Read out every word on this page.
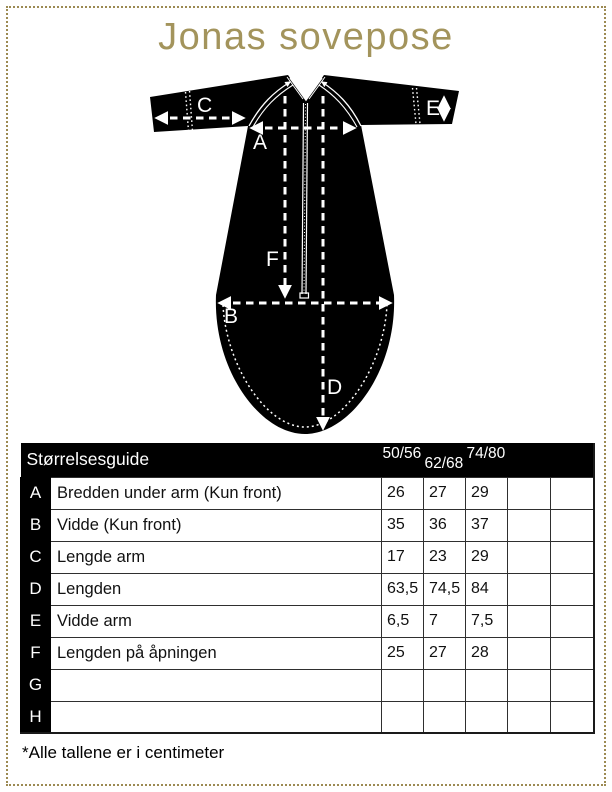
Jonas sovepose
C
A
E
B
F
D
Størrelsesguide		50/56	62/68	74/80		
A	Bredden under arm (Kun front)	26	27	29		
B	Vidde (Kun front)	35	36	37		
C	Lengde arm	17	23	29		
D	Lengden	63,5	74,5	84		
E	Vidde arm	6,5	7	7,5		
F	Lengden på åpningen	25	27	28		
G						
H						

*Alle tallene er i centimeter
